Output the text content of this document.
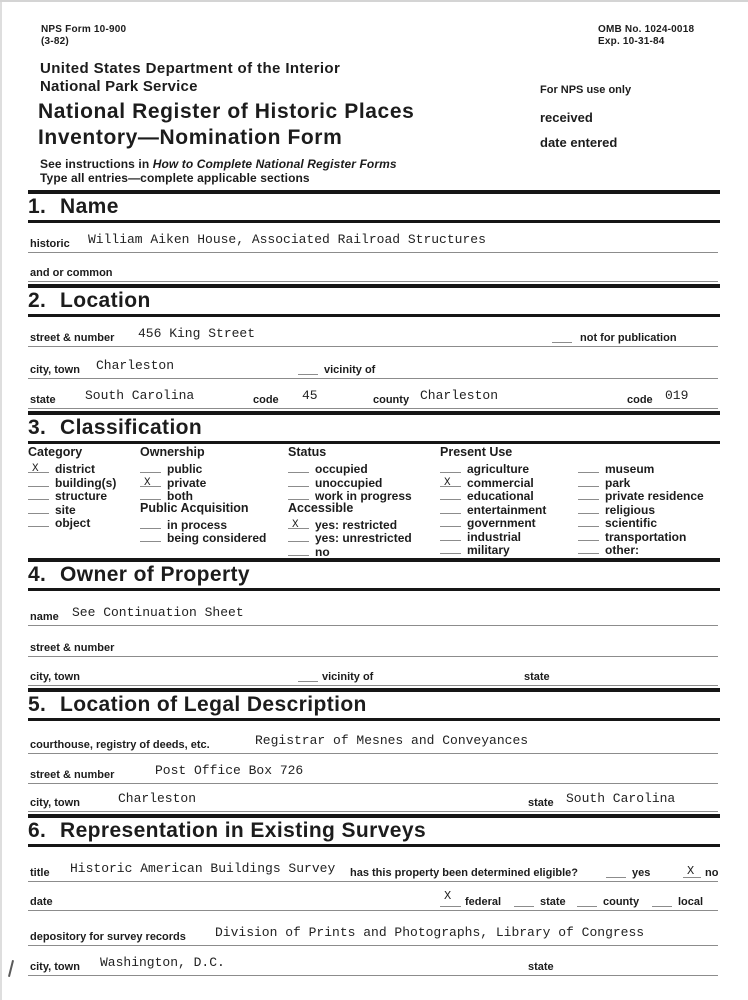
NPS Form 10-900
(3-82)
OMB No. 1024-0018
Exp. 10-31-84
United States Department of the Interior
National Park Service	For NPS use only
National Register of Historic Places
Inventory—Nomination Form
received
date entered
See instructions in How to Complete National Register Forms
Type all entries—complete applicable sections
1. Name
historic William Aiken House, Associated Railroad Structures
and or common
2. Location
street & number 456 King Street	not for publication
city, town Charleston	vicinity of
state South Carolina	code 45	county Charleston	code 019
3. Classification
Category
X district
building(s)
structure
site
object
Ownership
public
X private
both
Public Acquisition
in process
being considered
Status
occupied
unoccupied
work in progress
Accessible
X yes: restricted
yes: unrestricted
no
Present Use
agriculture
X commercial
educational
entertainment
government
industrial
military
museum
park
private residence
religious
scientific
transportation
other:
4. Owner of Property
name See Continuation Sheet
street & number
city, town	vicinity of	state
5. Location of Legal Description
courthouse, registry of deeds, etc.	Registrar of Mesnes and Conveyances
street & number	Post Office Box 726
city, town	Charleston	state South Carolina
6. Representation in Existing Surveys
title Historic American Buildings Survey has this property been determined eligible?	yes	X no
date	X federal	state	county	local
depository for survey records Division of Prints and Photographs, Library of Congress
city, town Washington, D.C.	state
